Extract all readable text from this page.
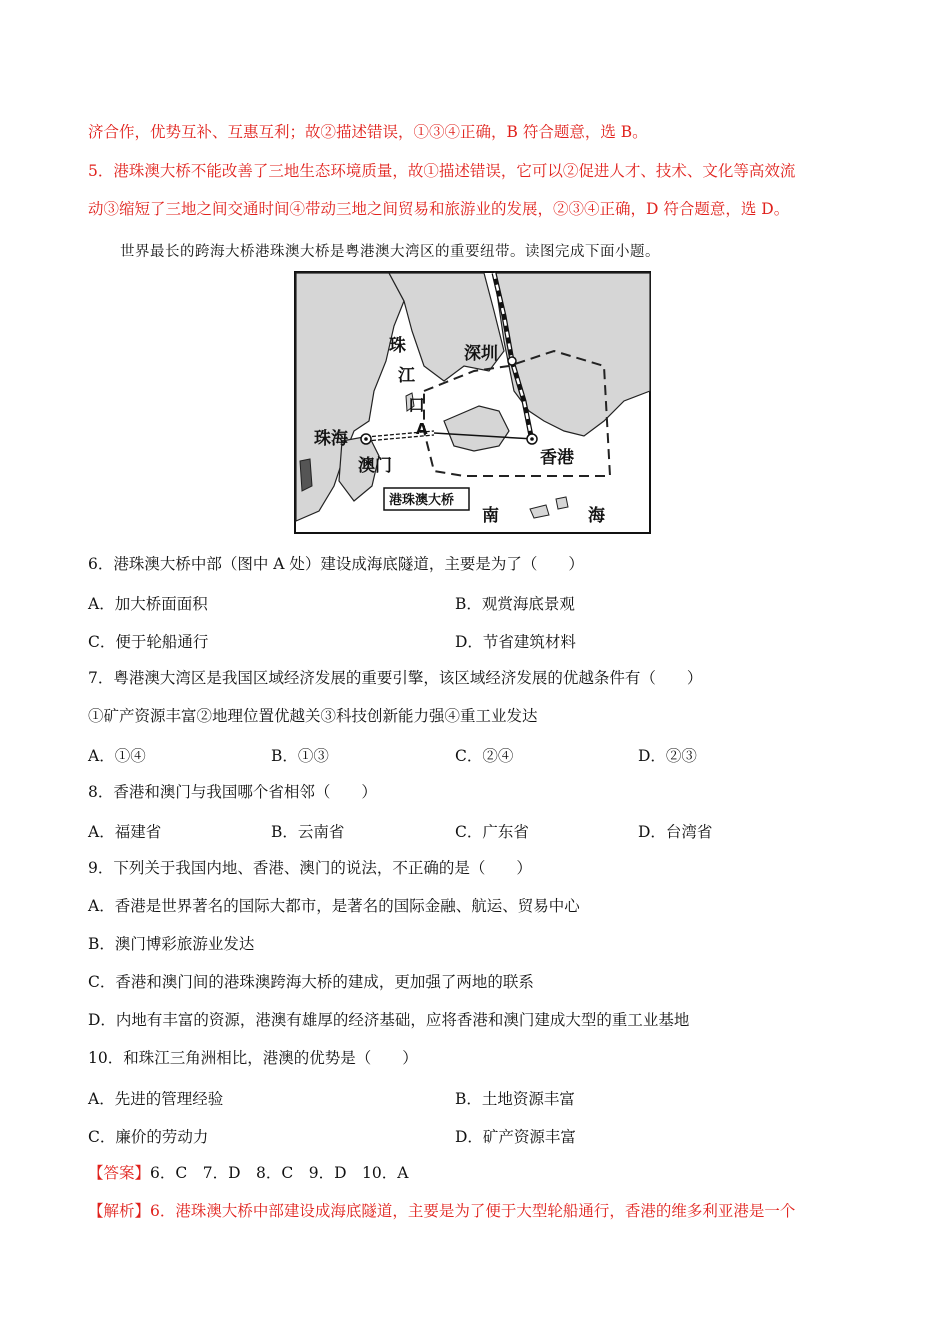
济合作，优势互补、互惠互利；故②描述错误，①③④正确，B 符合题意，选 B。
5．港珠澳大桥不能改善了三地生态环境质量，故①描述错误，它可以②促进人才、技术、文化等高效流
动③缩短了三地之间交通时间④带动三地之间贸易和旅游业的发展，②③④正确，D 符合题意，选 D。
世界最长的跨海大桥港珠澳大桥是粤港澳大湾区的重要纽带。读图完成下面小题。
珠
江
口
A
深圳
珠海
澳门	香港
港珠澳大桥
南	海
6．港珠澳大桥中部（图中 A 处）建设成海底隧道，主要是为了（　　）
A．加大桥面面积	B．观赏海底景观
C．便于轮船通行	D．节省建筑材料
7．粤港澳大湾区是我国区域经济发展的重要引擎，该区域经济发展的优越条件有（　　）
①矿产资源丰富②地理位置优越关③科技创新能力强④重工业发达
A．①④	B．①③	C．②④	D．②③
8．香港和澳门与我国哪个省相邻（　　）
A．福建省	B．云南省	C．广东省	D．台湾省
9．下列关于我国内地、香港、澳门的说法，不正确的是（　　）
A．香港是世界著名的国际大都市，是著名的国际金融、航运、贸易中心
B．澳门博彩旅游业发达
C．香港和澳门间的港珠澳跨海大桥的建成，更加强了两地的联系
D．内地有丰富的资源，港澳有雄厚的经济基础，应将香港和澳门建成大型的重工业基地
10．和珠江三角洲相比，港澳的优势是（　　）
A．先进的管理经验	B．土地资源丰富
C．廉价的劳动力	D．矿产资源丰富
【答案】6．C　7．D　8．C　9．D　10．A
【解析】6．港珠澳大桥中部建设成海底隧道，主要是为了便于大型轮船通行，香港的维多利亚港是一个
